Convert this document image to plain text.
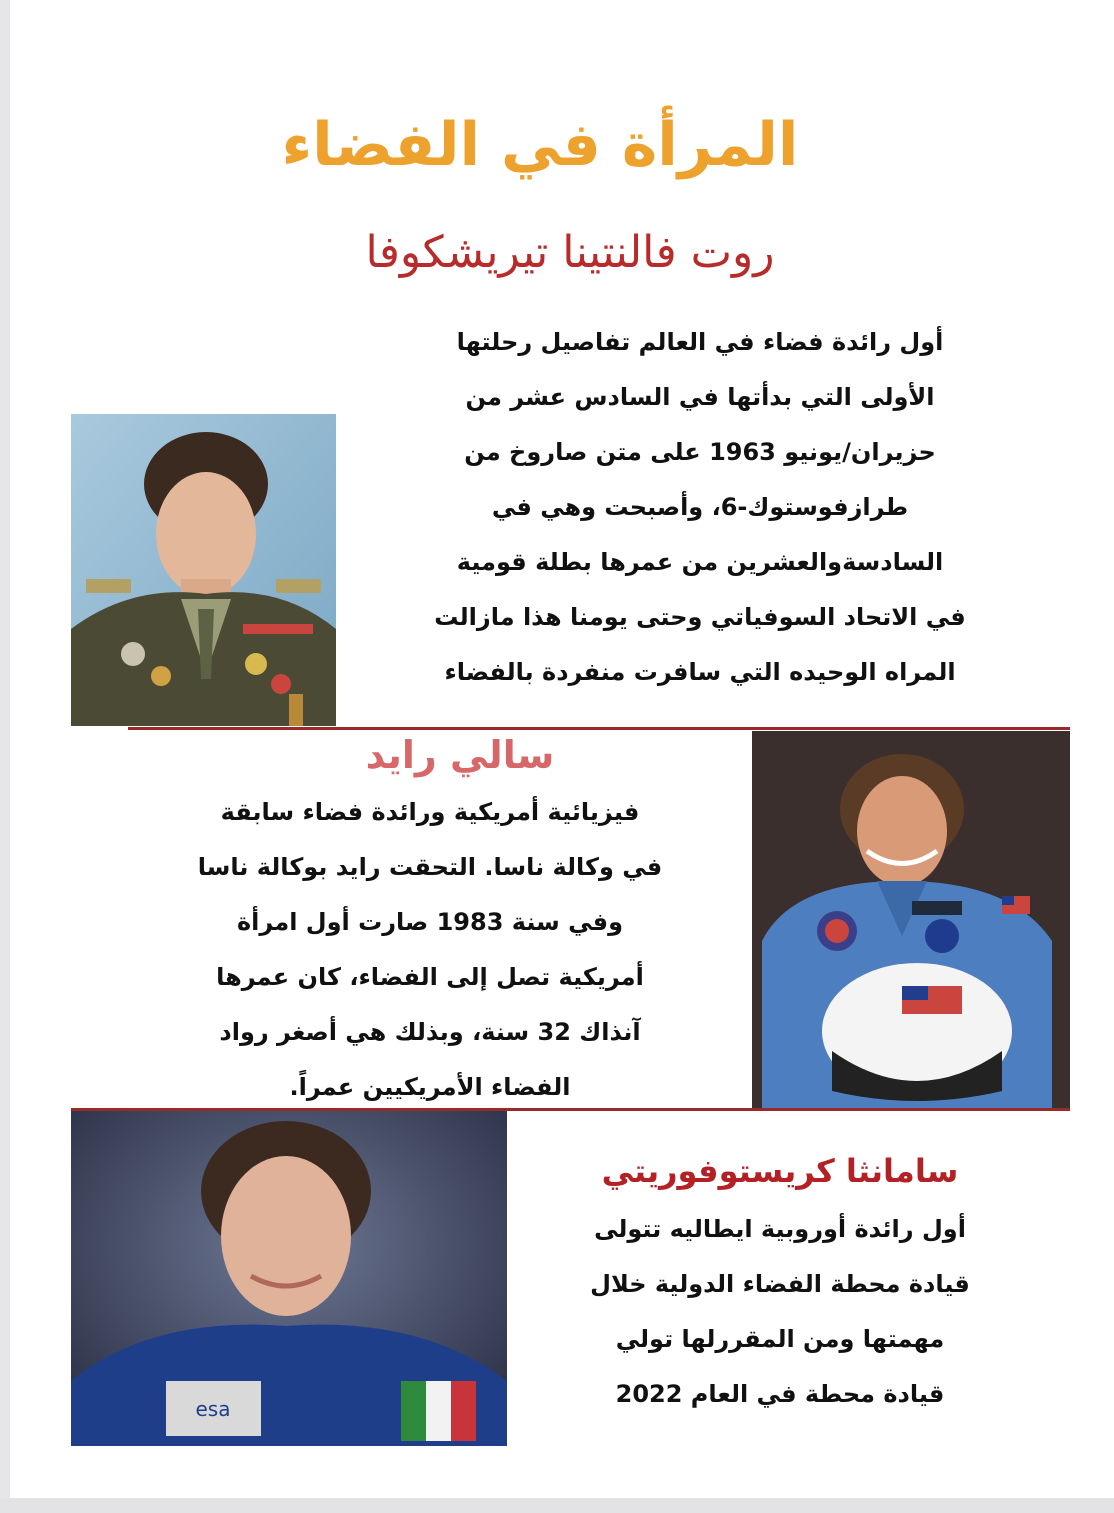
المرأة في الفضاء
روت فالنتينا تيريشكوفا
أول رائدة فضاء في العالم تفاصيل رحلتها
الأولى التي بدأتها في السادس عشر من
حزيران/يونيو 1963 على متن صاروخ من
طرازفوستوك-6، وأصبحت وهي في
السادسةوالعشرين من عمرها بطلة قومية
في الاتحاد السوفياتي وحتى يومنا هذا مازالت
المراه الوحيده التي سافرت منفردة بالفضاء
سالي رايد
فيزيائية أمريكية ورائدة فضاء سابقة
في وكالة ناسا. التحقت رايد بوكالة ناسا
وفي سنة 1983 صارت أول امرأة
أمريكية تصل إلى الفضاء، كان عمرها
آنذاك 32 سنة، وبذلك هي أصغر رواد
الفضاء الأمريكيين عمراً.
esa
سامانثا كريستوفوريتي
أول رائدة أوروبية ايطاليه تتولى
قيادة محطة الفضاء الدولية خلال
مهمتها ومن المقررلها تولي
قيادة محطة في العام 2022
